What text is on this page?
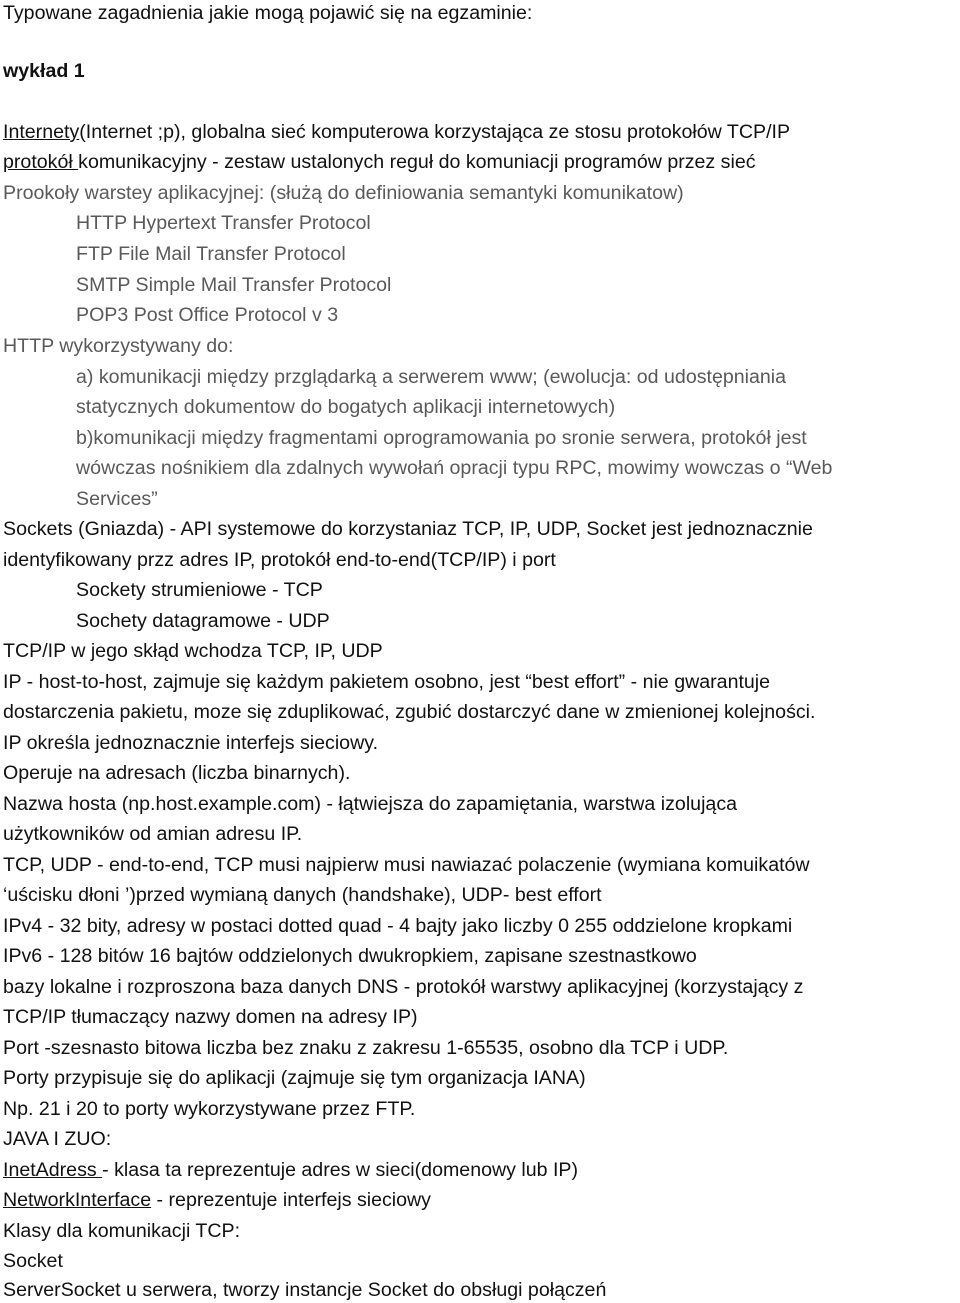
Typowane zagadnienia jakie mogą pojawić się na egzaminie:

wykład 1

Internety(Internet ;p), globalna sieć komputerowa korzystająca ze stosu protokołów TCP/IP

protokół komunikacyjny - zestaw ustalonych reguł do komuniacji programów przez sieć

Prookoły warstey aplikacyjnej: (służą do definiowania semantyki komunikatow)

HTTP Hypertext Transfer Protocol

FTP File Mail Transfer Protocol

SMTP Simple Mail Transfer Protocol

POP3 Post Office Protocol v 3

HTTP wykorzystywany do:

a) komunikacji między przglądarką a serwerem www; (ewolucja: od udostępniania

statycznych dokumentow do bogatych aplikacji internetowych)

b)komunikacji między fragmentami oprogramowania po sronie serwera, protokół jest

wówczas nośnikiem dla zdalnych wywołań opracji typu RPC, mowimy wowczas o “Web

Services”

Sockets (Gniazda) - API systemowe do korzystaniaz TCP, IP, UDP, Socket jest jednoznacznie

identyfikowany przz adres IP, protokół end-to-end(TCP/IP) i port

Sockety strumieniowe - TCP

Sochety datagramowe - UDP

TCP/IP w jego skłąd wchodza TCP, IP, UDP

IP - host-to-host, zajmuje się każdym pakietem osobno, jest “best effort” - nie gwarantuje

dostarczenia pakietu, moze się zduplikować, zgubić dostarczyć dane w zmienionej kolejności.

IP określa jednoznacznie interfejs sieciowy.

Operuje na adresach (liczba binarnych).

Nazwa hosta (np.host.example.com) - łątwiejsza do zapamiętania, warstwa izolująca

użytkowników od amian adresu IP.

TCP, UDP - end-to-end, TCP musi najpierw musi nawiazać polaczenie (wymiana komuikatów

‘uścisku dłoni ’)przed wymianą danych (handshake), UDP- best effort

IPv4 - 32 bity, adresy w postaci dotted quad - 4 bajty jako liczby 0 255 oddzielone kropkami

IPv6 - 128 bitów 16 bajtów oddzielonych dwukropkiem, zapisane szestnastkowo

bazy lokalne i rozproszona baza danych DNS - protokół warstwy aplikacyjnej (korzystający z

TCP/IP tłumaczący nazwy domen na adresy IP)

Port -szesnasto bitowa liczba bez znaku z zakresu 1-65535, osobno dla TCP i UDP.

Porty przypisuje się do aplikacji (zajmuje się tym organizacja IANA)

Np. 21 i 20 to porty wykorzystywane przez FTP.

JAVA I ZUO:

InetAdress - klasa ta reprezentuje adres w sieci(domenowy lub IP)

NetworkInterface - reprezentuje interfejs sieciowy

Klasy dla komunikacji TCP:

Socket

ServerSocket u serwera, tworzy instancje Socket do obsługi połączeń
